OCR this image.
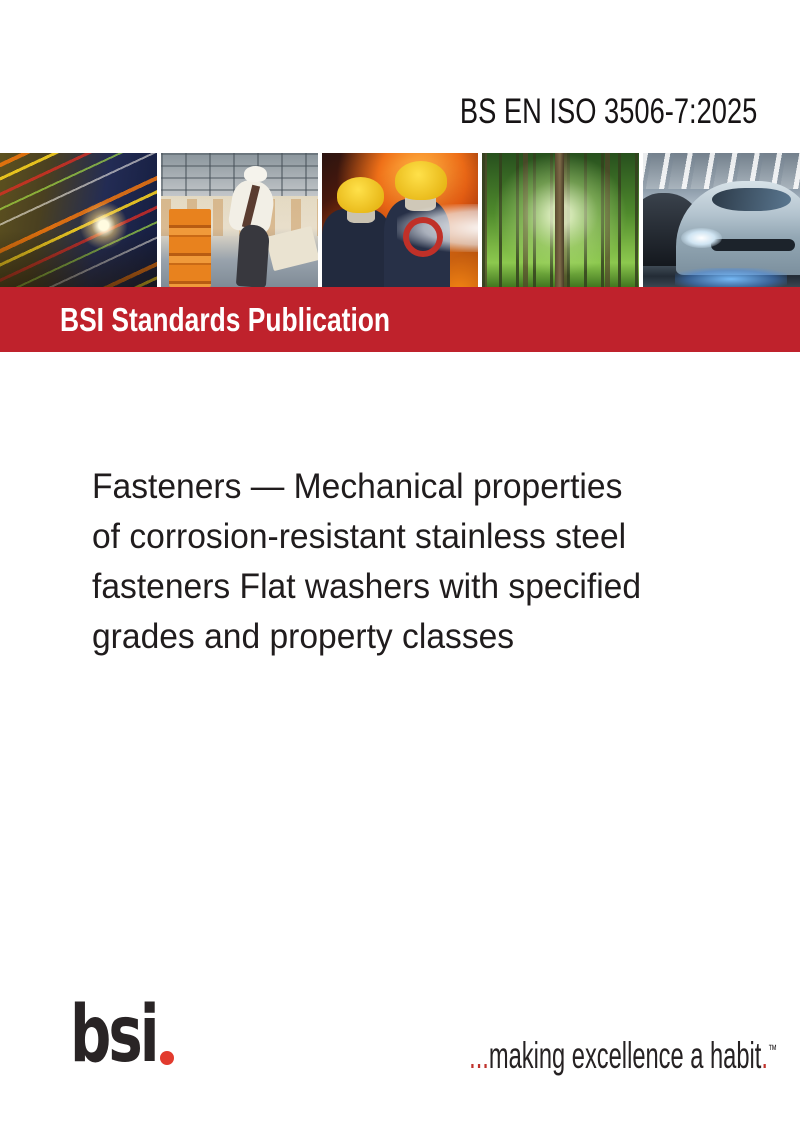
BS EN ISO 3506-7:2025
BSI Standards Publication
Fasteners — Mechanical properties
of corrosion-resistant stainless steel
fasteners Flat washers with specified
grades and property classes
bsi	...making excellence a habit.™
